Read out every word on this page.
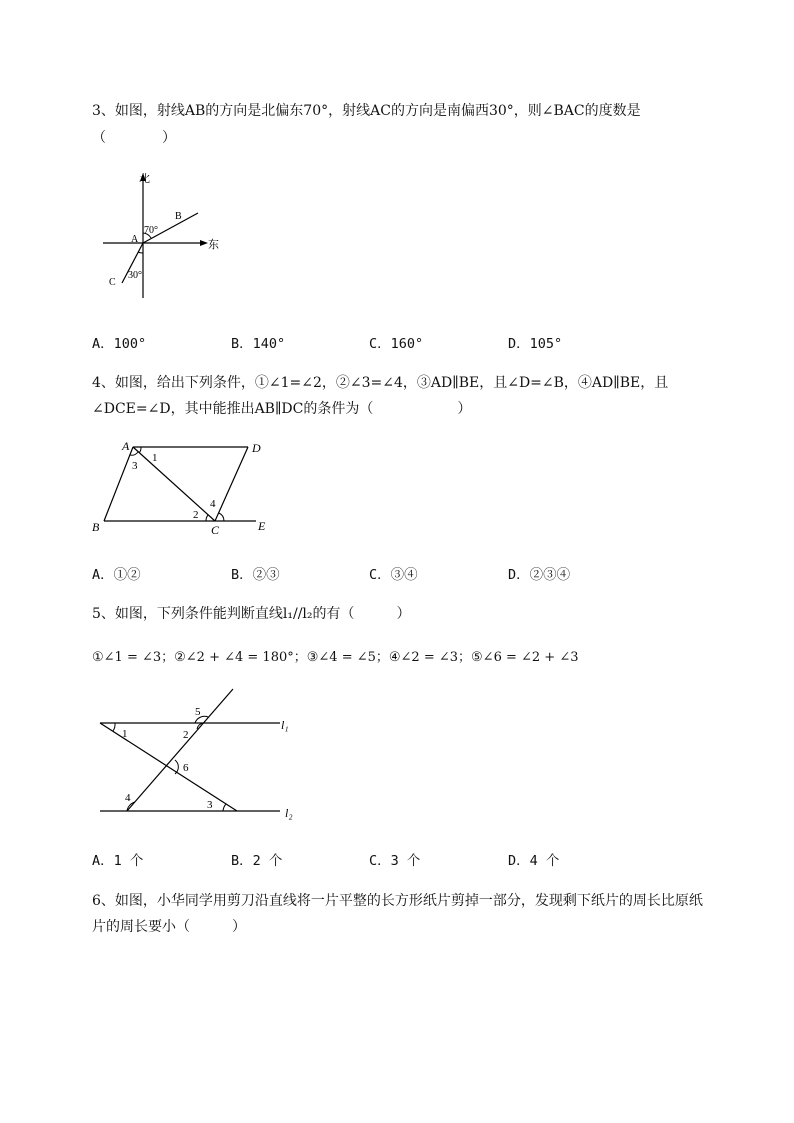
3、如图，射线AB的方向是北偏东70°，射线AC的方向是南偏西30°，则∠BAC的度数是
（　　　　）
北
东
A
B
C
70°
30°
A．100°	B．140°	C．160°	D．105°
4、如图，给出下列条件，①∠1=∠2，②∠3=∠4，③AD∥BE，且∠D=∠B，④AD∥BE，且
∠DCE=∠D，其中能推出AB∥DC的条件为（　　　　　　）
A
B	C
D
E
1
2
3
4
A．①②	B．②③	C．③④	D．②③④
5、如图，下列条件能判断直线l₁//l₂的有（　　　）
①∠1 = ∠3；②∠2 + ∠4 = 180°；③∠4 = ∠5；④∠2 = ∠3；⑤∠6 = ∠2 + ∠3
1	2
3
4
5
6
l₁
l₂
A．1 个	B．2 个	C．3 个	D．4 个
6、如图，小华同学用剪刀沿直线将一片平整的长方形纸片剪掉一部分，发现剩下纸片的周长比原纸
片的周长要小（　　　）
